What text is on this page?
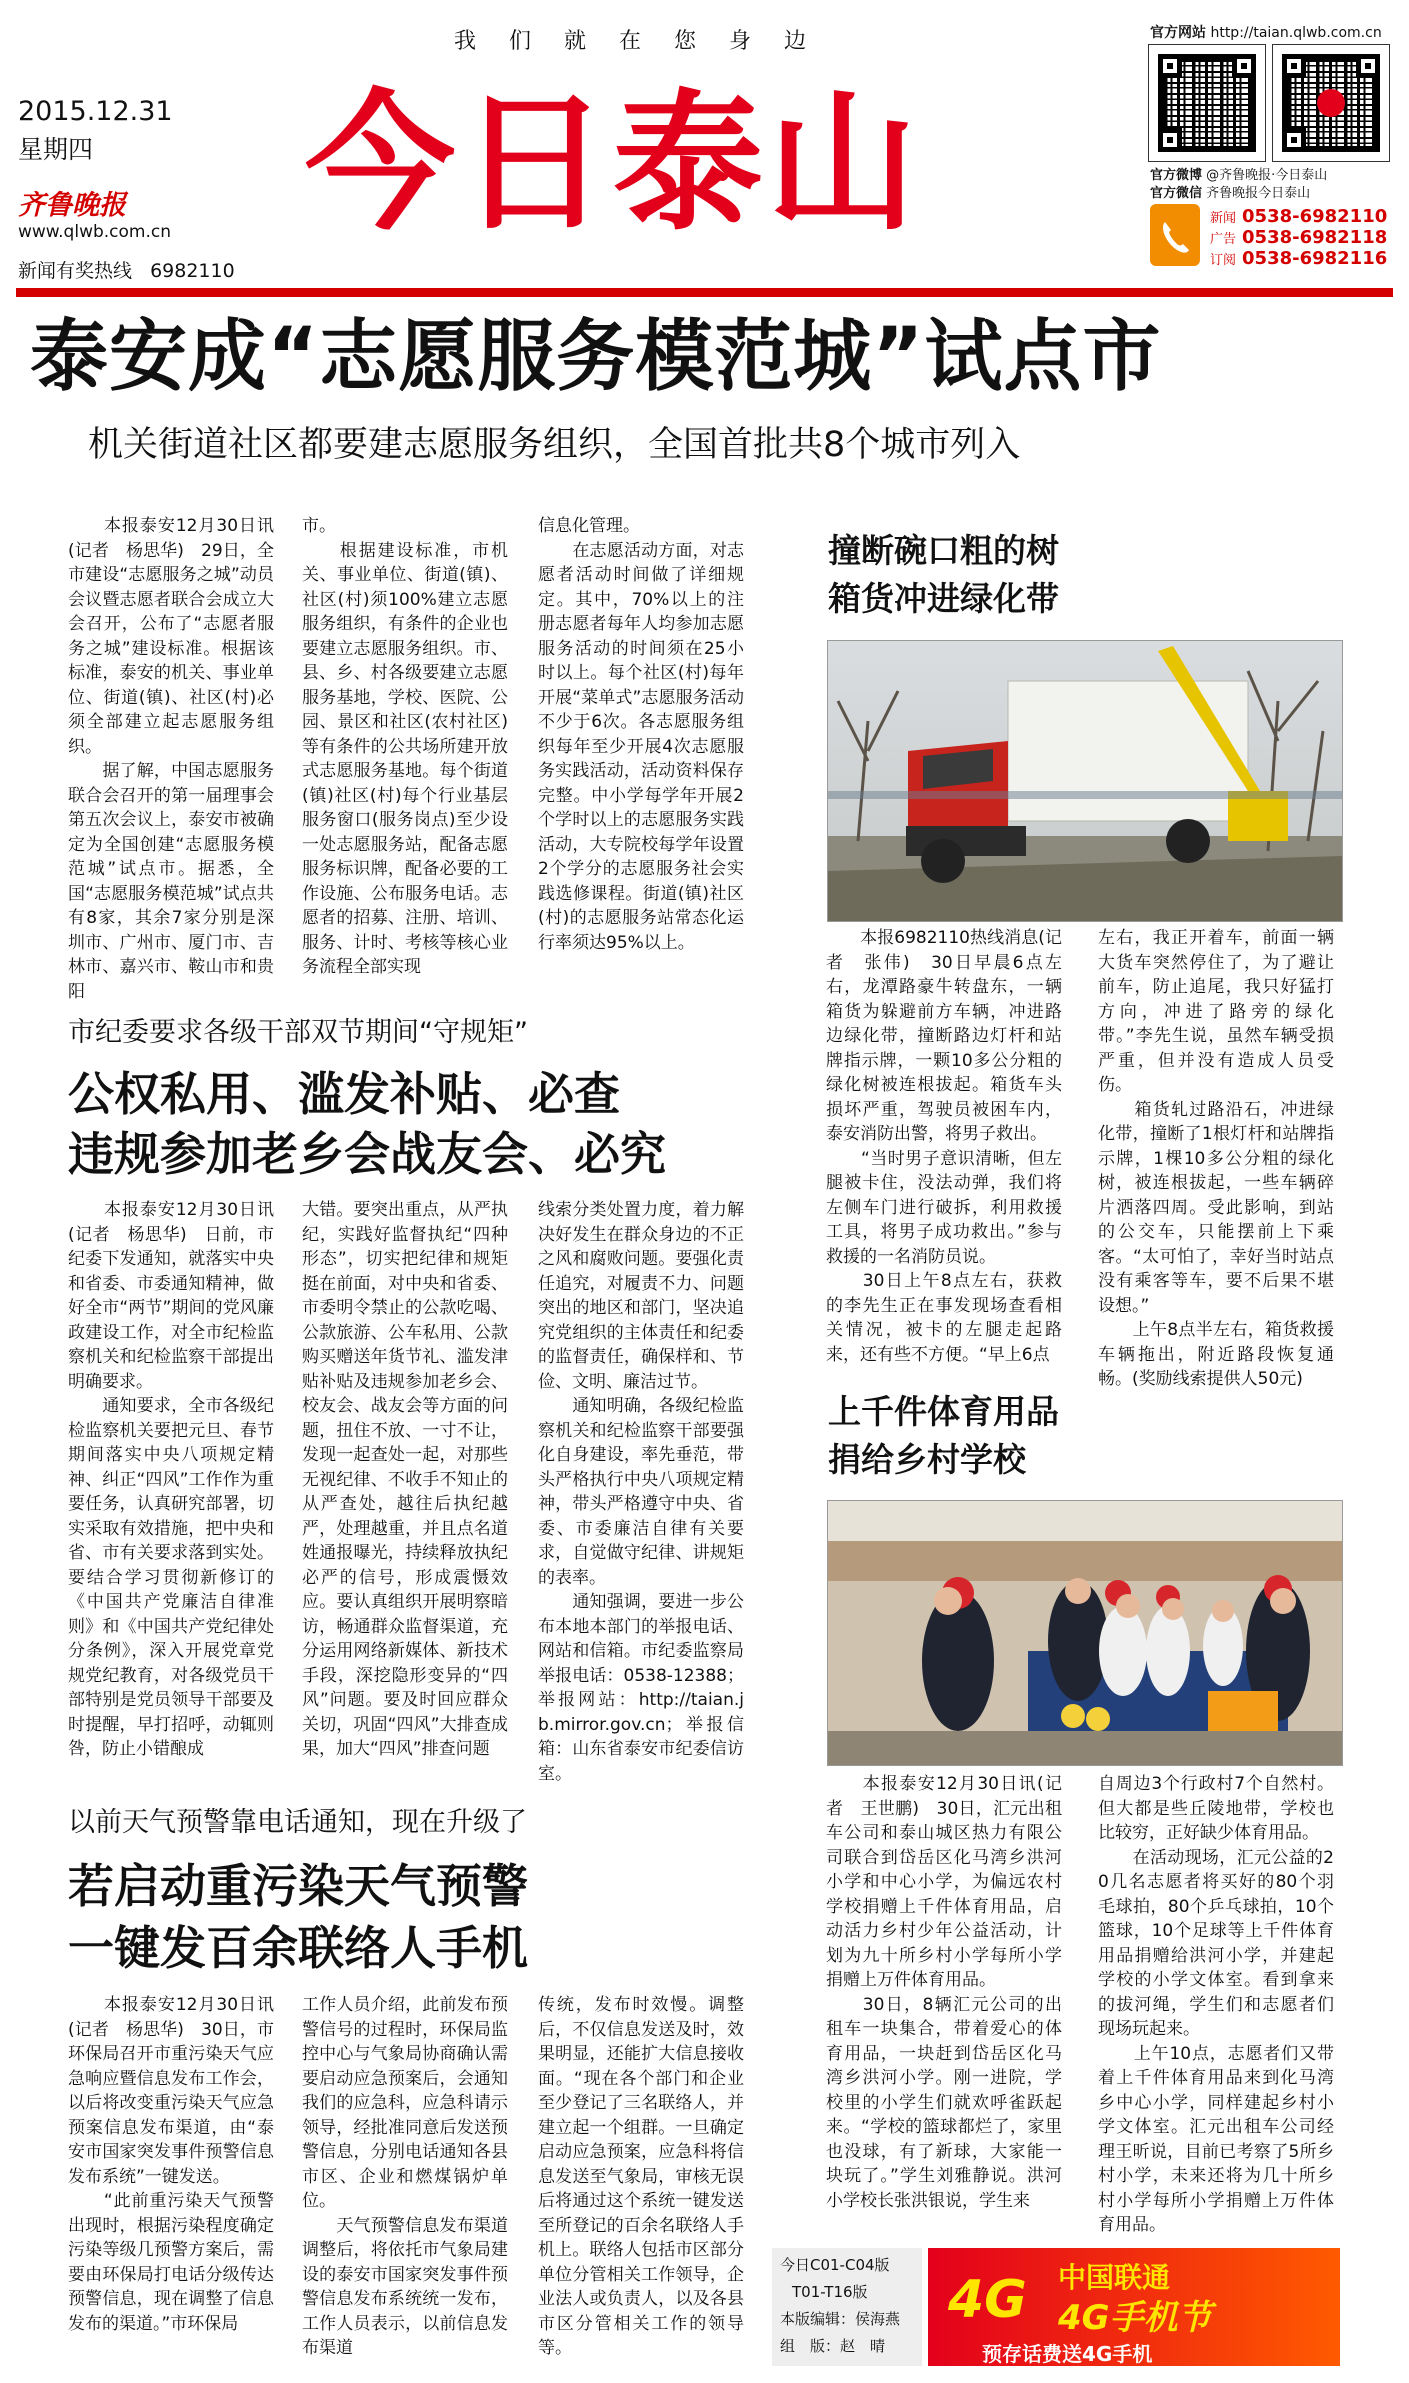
我们就在您身边
2015.12.31
星期四
齐鲁晚报
www.qlwb.com.cn
新闻有奖热线 6982110
今日泰山
官方网站 http://taian.qlwb.com.cn
官方微博 @齐鲁晚报·今日泰山
官方微信 齐鲁晚报今日泰山
新闻 0538-6982110
广告 0538-6982118
订阅 0538-6982116
泰安成“志愿服务模范城”试点市
机关街道社区都要建志愿服务组织，全国首批共8个城市列入
　　本报泰安12月30日讯(记者　杨思华)　29日，全市建设“志愿服务之城”动员会议暨志愿者联合会成立大会召开，公布了“志愿者服务之城”建设标准。根据该标准，泰安的机关、事业单位、街道(镇)、社区(村)必须全部建立起志愿服务组织。
　　据了解，中国志愿服务联合会召开的第一届理事会第五次会议上，泰安市被确定为全国创建“志愿服务模范城”试点市。据悉，全国“志愿服务模范城”试点共有8家，其余7家分别是深圳市、广州市、厦门市、吉林市、嘉兴市、鞍山市和贵阳
市。
　　根据建设标准，市机关、事业单位、街道(镇)、社区(村)须100%建立志愿服务组织，有条件的企业也要建立志愿服务组织。市、县、乡、村各级要建立志愿服务基地，学校、医院、公园、景区和社区(农村社区)等有条件的公共场所建开放式志愿服务基地。每个街道(镇)社区(村)每个行业基层服务窗口(服务岗点)至少设一处志愿服务站，配备志愿服务标识牌，配备必要的工作设施、公布服务电话。志愿者的招募、注册、培训、服务、计时、考核等核心业务流程全部实现
信息化管理。
　　在志愿活动方面，对志愿者活动时间做了详细规定。其中，70%以上的注册志愿者每年人均参加志愿服务活动的时间须在25小时以上。每个社区(村)每年开展“菜单式”志愿服务活动不少于6次。各志愿服务组织每年至少开展4次志愿服务实践活动，活动资料保存完整。中小学每学年开展2个学时以上的志愿服务实践活动，大专院校每学年设置2个学分的志愿服务社会实践选修课程。街道(镇)社区(村)的志愿服务站常态化运行率须达95%以上。
撞断碗口粗的树
箱货冲进绿化带
　　本报6982110热线消息(记者　张伟)　30日早晨6点左右，龙潭路豪牛转盘东，一辆箱货为躲避前方车辆，冲进路边绿化带，撞断路边灯杆和站牌指示牌，一颗10多公分粗的绿化树被连根拔起。箱货车头损坏严重，驾驶员被困车内，泰安消防出警，将男子救出。
　　“当时男子意识清晰，但左腿被卡住，没法动弹，我们将左侧车门进行破拆，利用救援工具，将男子成功救出。”参与救援的一名消防员说。
　　30日上午8点左右，获救的李先生正在事发现场查看相关情况，被卡的左腿走起路来，还有些不方便。“早上6点
左右，我正开着车，前面一辆大货车突然停住了，为了避让前车，防止追尾，我只好猛打方向，冲进了路旁的绿化带。”李先生说，虽然车辆受损严重，但并没有造成人员受伤。
　　箱货轧过路沿石，冲进绿化带，撞断了1根灯杆和站牌指示牌，1棵10多公分粗的绿化树，被连根拔起，一些车辆碎片洒落四周。受此影响，到站的公交车，只能摆前上下乘客。“太可怕了，幸好当时站点没有乘客等车，要不后果不堪设想。”
　　上午8点半左右，箱货救援车辆拖出，附近路段恢复通畅。(奖励线索提供人50元)
市纪委要求各级干部双节期间“守规矩”
公权私用、滥发补贴、必查
违规参加老乡会战友会、必究
　　本报泰安12月30日讯(记者　杨思华)　日前，市纪委下发通知，就落实中央和省委、市委通知精神，做好全市“两节”期间的党风廉政建设工作，对全市纪检监察机关和纪检监察干部提出明确要求。
　　通知要求，全市各级纪检监察机关要把元旦、春节期间落实中央八项规定精神、纠正“四风”工作作为重要任务，认真研究部署，切实采取有效措施，把中央和省、市有关要求落到实处。要结合学习贯彻新修订的《中国共产党廉洁自律准则》和《中国共产党纪律处分条例》，深入开展党章党规党纪教育，对各级党员干部特别是党员领导干部要及时提醒，早打招呼，动辄则咎，防止小错酿成
大错。要突出重点，从严执纪，实践好监督执纪“四种形态”，切实把纪律和规矩挺在前面，对中央和省委、市委明令禁止的公款吃喝、公款旅游、公车私用、公款购买赠送年货节礼、滥发津贴补贴及违规参加老乡会、校友会、战友会等方面的问题，扭住不放、一寸不让，发现一起查处一起，对那些无视纪律、不收手不知止的从严查处，越往后执纪越严，处理越重，并且点名道姓通报曝光，持续释放执纪必严的信号，形成震慑效应。要认真组织开展明察暗访，畅通群众监督渠道，充分运用网络新媒体、新技术手段，深挖隐形变异的“四风”问题。要及时回应群众关切，巩固“四风”大排查成果，加大“四风”排查问题
线索分类处置力度，着力解决好发生在群众身边的不正之风和腐败问题。要强化责任追究，对履责不力、问题突出的地区和部门，坚决追究党组织的主体责任和纪委的监督责任，确保样和、节俭、文明、廉洁过节。
　　通知明确，各级纪检监察机关和纪检监察干部要强化自身建设，率先垂范，带头严格执行中央八项规定精神，带头严格遵守中央、省委、市委廉洁自律有关要求，自觉做守纪律、讲规矩的表率。
　　通知强调，要进一步公布本地本部门的举报电话、网站和信箱。市纪委监察局举报电话：0538-12388；举报网站：http://taian.jb.mirror.gov.cn；举报信箱：山东省泰安市纪委信访室。
上千件体育用品
捐给乡村学校
　　本报泰安12月30日讯(记者　王世鹏)　30日，汇元出租车公司和泰山城区热力有限公司联合到岱岳区化马湾乡洪河小学和中心小学，为偏远农村学校捐赠上千件体育用品，启动活力乡村少年公益活动，计划为九十所乡村小学每所小学捐赠上万件体育用品。
　　30日，8辆汇元公司的出租车一块集合，带着爱心的体育用品，一块赶到岱岳区化马湾乡洪河小学。刚一进院，学校里的小学生们就欢呼雀跃起来。“学校的篮球都烂了，家里也没球，有了新球，大家能一块玩了。”学生刘雅静说。洪河小学校长张洪银说，学生来
自周边3个行政村7个自然村。但大都是些丘陵地带，学校也比较穷，正好缺少体育用品。
　　在活动现场，汇元公益的20几名志愿者将买好的80个羽毛球拍，80个乒乓球拍，10个篮球，10个足球等上千件体育用品捐赠给洪河小学，并建起学校的小学文体室。看到拿来的拔河绳，学生们和志愿者们现场玩起来。
　　上午10点，志愿者们又带着上千件体育用品来到化马湾乡中心小学，同样建起乡村小学文体室。汇元出租车公司经理王昕说，目前已考察了5所乡村小学，未来还将为几十所乡村小学每所小学捐赠上万件体育用品。
以前天气预警靠电话通知，现在升级了
若启动重污染天气预警
一键发百余联络人手机
　　本报泰安12月30日讯(记者　杨思华)　30日，市环保局召开市重污染天气应急响应暨信息发布工作会，以后将改变重污染天气应急预案信息发布渠道，由“泰安市国家突发事件预警信息发布系统”一键发送。
　　“此前重污染天气预警出现时，根据污染程度确定污染等级几预警方案后，需要由环保局打电话分级传达预警信息，现在调整了信息发布的渠道。”市环保局
工作人员介绍，此前发布预警信号的过程时，环保局监控中心与气象局协商确认需要启动应急预案后，会通知我们的应急科，应急科请示领导，经批准同意后发送预警信息，分别电话通知各县市区、企业和燃煤锅炉单位。
　　天气预警信息发布渠道调整后，将依托市气象局建设的泰安市国家突发事件预警信息发布系统统一发布，工作人员表示，以前信息发布渠道
传统，发布时效慢。调整后，不仅信息发送及时，效果明显，还能扩大信息接收面。“现在各个部门和企业至少登记了三名联络人，并建立起一个组群。一旦确定启动应急预案，应急科将信息发送至气象局，审核无误后将通过这个系统一键发送至所登记的百余名联络人手机上。联络人包括市区部分单位分管相关工作领导，企业法人或负责人，以及各县市区分管相关工作的领导等。
今日C01-C04版
T01-T16版
本版编辑：侯海燕
组　版：赵　晴
4G 中国联通
4G手机节
预存话费送4G手机
